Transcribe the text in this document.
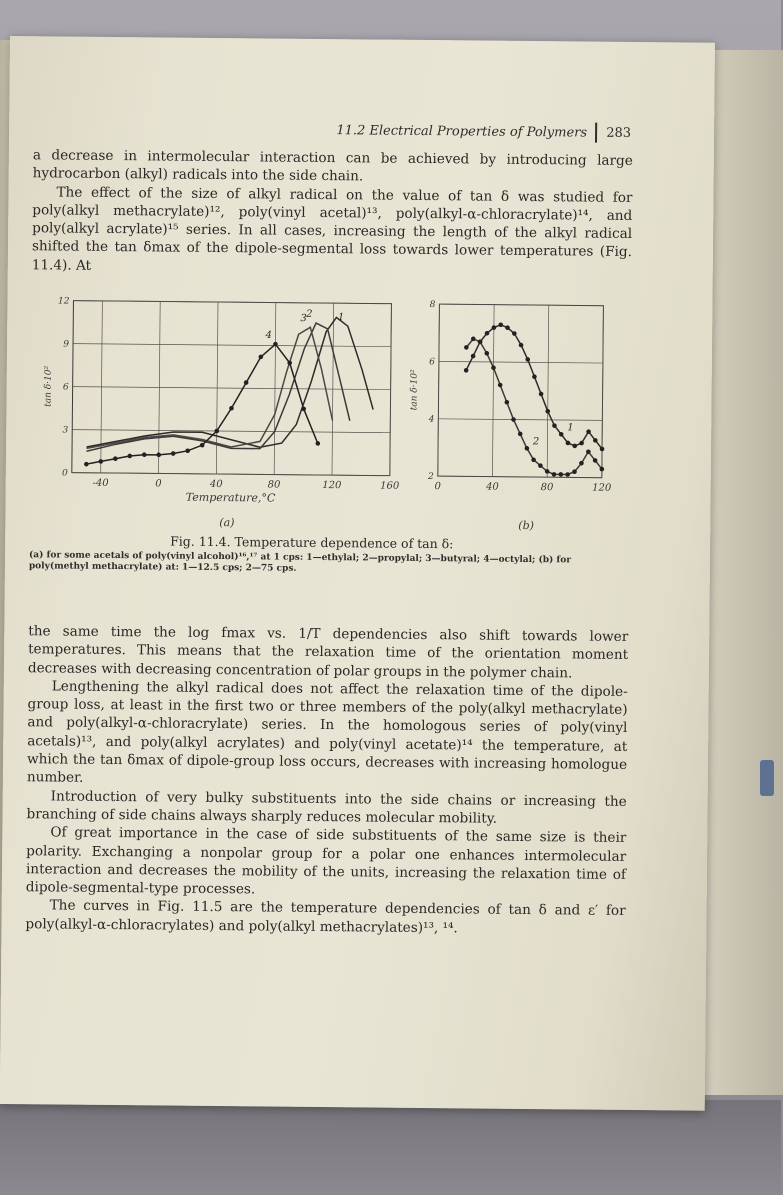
11.2 Electrical Properties of Polymers 283

a decrease in intermolecular interaction can be achieved by introducing large hydrocarbon (alkyl) radicals into the side chain.

The effect of the size of alkyl radical on the value of tan δ was studied for poly(alkyl methacrylate)¹², poly(vinyl acetal)¹³, poly(alkyl-α-chloracrylate)¹⁴, and poly(alkyl acrylate)¹⁵ series. In all cases, increasing the length of the alkyl radical shifted the tan δmax of the dipole-segmental loss towards lower temperatures (Fig. 11.4). At

-40	0	40	80	120	160
0
3
6
9
12
tan δ·10²
Temperature,°C
1
2
3
4
0	40	80	120
2
4
6
8
tan δ·10²
1
2
(a)	(b)
Fig. 11.4. Temperature dependence of tan δ:
(a) for some acetals of poly(vinyl alcohol)¹⁶,¹⁷ at 1 cps: 1—ethylal; 2—propylal; 3—butyral; 4—octylal; (b) for poly(methyl methacrylate) at: 1—12.5 cps; 2—75 cps.

the same time the log fmax vs. 1/T dependencies also shift towards lower temperatures. This means that the relaxation time of the orientation moment decreases with decreasing concentration of polar groups in the polymer chain.

Lengthening the alkyl radical does not affect the relaxation time of the dipole-group loss, at least in the first two or three members of the poly(alkyl methacrylate) and poly(alkyl-α-chloracrylate) series. In the homologous series of poly(vinyl acetals)¹³, and poly(alkyl acrylates) and poly(vinyl acetate)¹⁴ the temperature, at which the tan δmax of dipole-group loss occurs, decreases with increasing homologue number.

Introduction of very bulky substituents into the side chains or increasing the branching of side chains always sharply reduces molecular mobility.

Of great importance in the case of side substituents of the same size is their polarity. Exchanging a nonpolar group for a polar one enhances intermolecular interaction and decreases the mobility of the units, increasing the relaxation time of dipole-segmental-type processes.

The curves in Fig. 11.5 are the temperature dependencies of tan δ and ε′ for poly(alkyl-α-chloracrylates) and poly(alkyl methacrylates)¹³, ¹⁴.
